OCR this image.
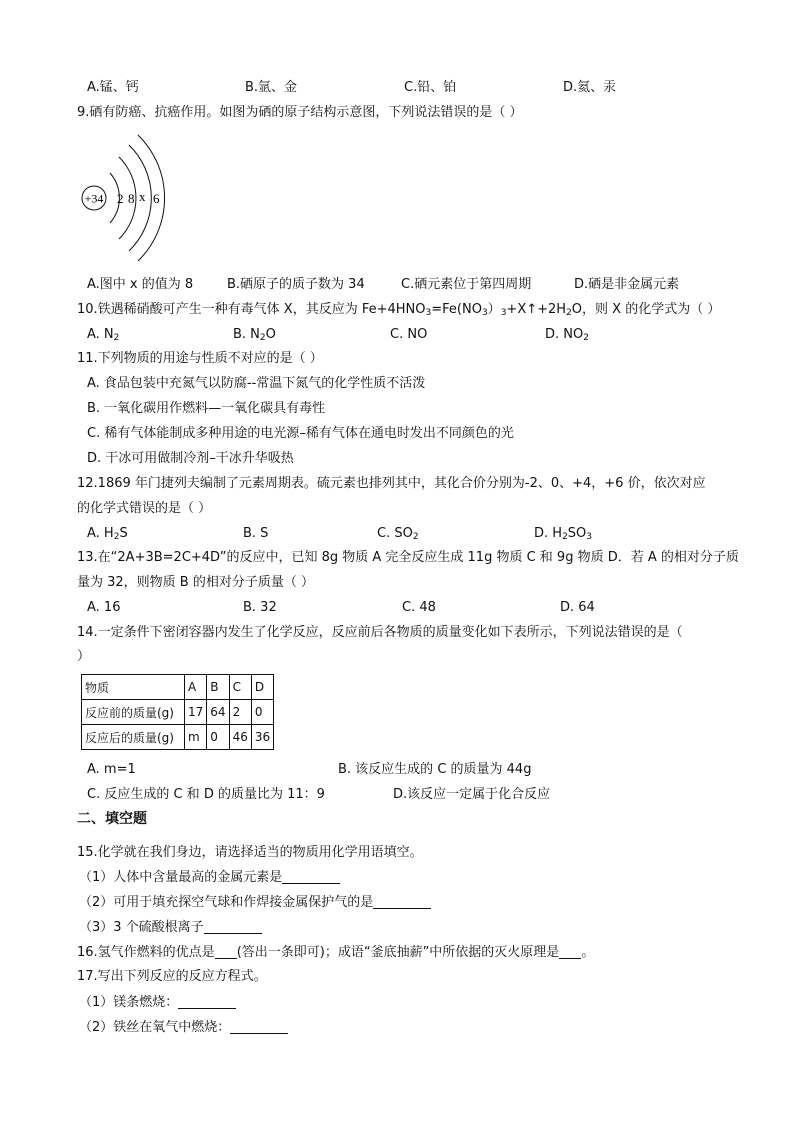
A.锰、钙	B.氩、金	C.铅、铂	D.氦、汞
9.硒有防癌、抗癌作用。如图为硒的原子结构示意图，下列说法错误的是（ ）
+34 2 8 x 6
A.图中 x 的值为 8	B.硒原子的质子数为 34	C.硒元素位于第四周期	D.硒是非金属元素
10.铁遇稀硝酸可产生一种有毒气体 X，其反应为 $Fe+4HNO_3=Fe(NO_3)_3+X↑+2H_2O$，则 X 的化学式为（ ）
A. $N_2$	B. $N_2O$	C. NO	D. $NO_2$
11.下列物质的用途与性质不对应的是（ ）
A. 食品包装中充氮气以防腐--常温下氮气的化学性质不活泼
B. 一氧化碳用作燃料—一氧化碳具有毒性
C. 稀有气体能制成多种用途的电光源–稀有气体在通电时发出不同颜色的光
D. 干冰可用做制冷剂–干冰升华吸热
12.1869 年门捷列夫编制了元素周期表。硫元素也排列其中，其化合价分别为-2、0、+4，+6 价，依次对应
的化学式错误的是（ ）
A. $H_2S$	B. S	C. $SO_2$	D. $H_2SO_3$
13.在“2A+3B=2C+4D”的反应中，已知 8g 物质 A 完全反应生成 11g 物质 C 和 9g 物质 D．若 A 的相对分子质
量为 32，则物质 B 的相对分子质量（ ）
A. 16	B. 32	C. 48	D. 64
14.一定条件下密闭容器内发生了化学反应，反应前后各物质的质量变化如下表所示，下列说法错误的是（
）
物质	A	B	C	D
反应前的质量(g)	17	64	2	0
反应后的质量(g)	m	0	46	36
A. m=1	B. 该反应生成的 C 的质量为 44g
C. 反应生成的 C 和 D 的质量比为 11：9	D.该反应一定属于化合反应
二、填空题
15.化学就在我们身边，请选择适当的物质用化学用语填空。
（1）人体中含量最高的金属元素是
（2）可用于填充探空气球和作焊接金属保护气的是
（3）3 个硫酸根离子
16.氢气作燃料的优点是 (答出一条即可)；成语“釜底抽薪”中所依据的灭火原理是 。
17.写出下列反应的反应方程式。
（1）镁条燃烧：
（2）铁丝在氧气中燃烧：
